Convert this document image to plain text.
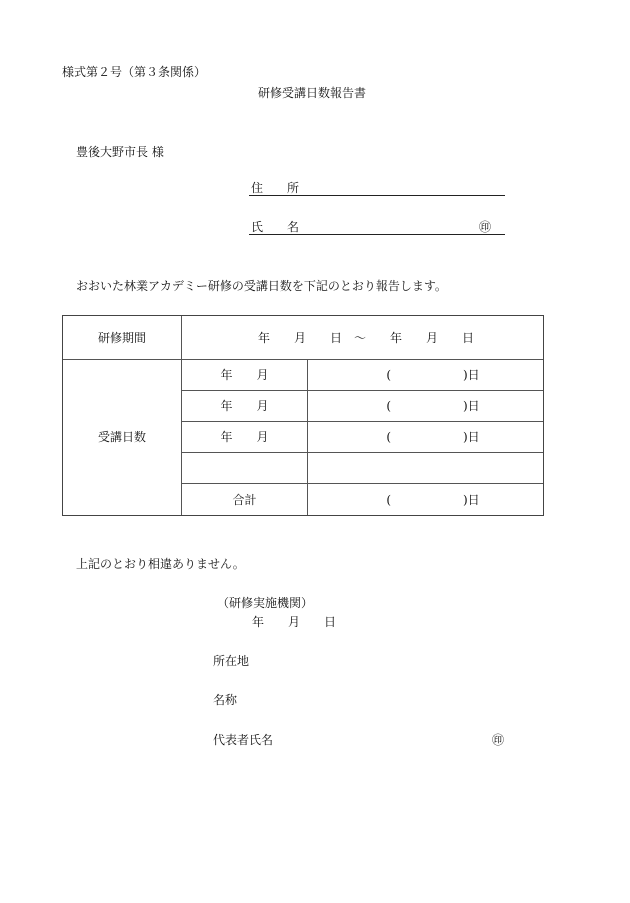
様式第２号（第３条関係）
研修受講日数報告書
豊後大野市長 様
住　　所
氏　　名	㊞
おおいた林業アカデミー研修の受講日数を下記のとおり報告します。
研修期間	年　　月　　日　～　　年　　月　　日
受講日数
年　　月	(　　　　　　)日
年　　月	(　　　　　　)日
年　　月	(　　　　　　)日
合計	(　　　　　　)日
上記のとおり相違ありません。
（研修実施機関）
年　　月　　日
所在地
名称
代表者氏名	㊞
